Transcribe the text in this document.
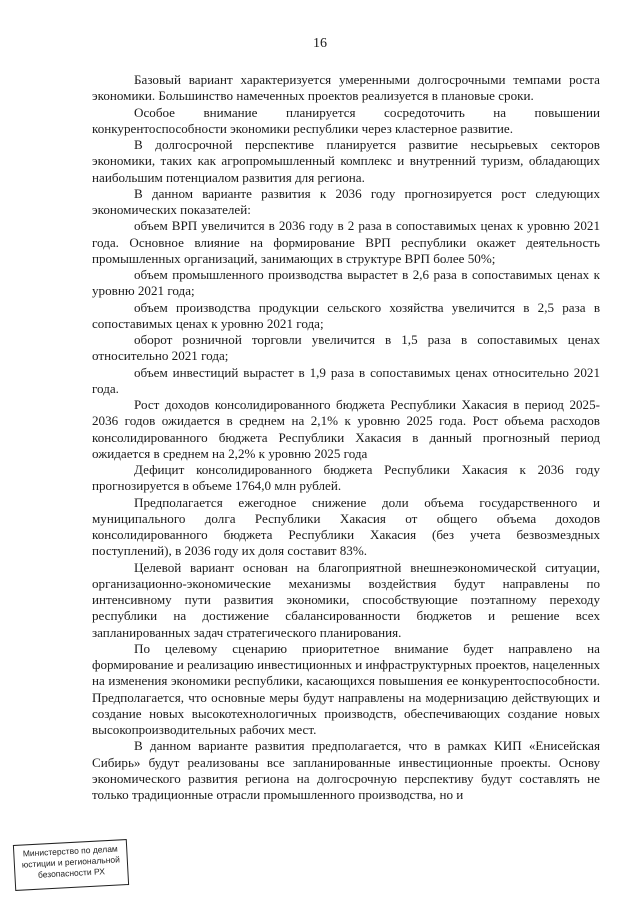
16

Базовый вариант характеризуется умеренными долгосрочными темпами роста экономики. Большинство намеченных проектов реализуется в плановые сроки.

Особое внимание планируется сосредоточить на повышении конкурентоспособности экономики республики через кластерное развитие.

В долгосрочной перспективе планируется развитие несырьевых секторов экономики, таких как агропромышленный комплекс и внутренний туризм, обладающих наибольшим потенциалом развития для региона.

В данном варианте развития к 2036 году прогнозируется рост следующих экономических показателей:

объем ВРП увеличится в 2036 году в 2 раза в сопоставимых ценах к уровню 2021 года. Основное влияние на формирование ВРП республики окажет деятельность промышленных организаций, занимающих в структуре ВРП более 50%;

объем промышленного производства вырастет в 2,6 раза в сопоставимых ценах к уровню 2021 года;

объем производства продукции сельского хозяйства увеличится в 2,5 раза в сопоставимых ценах к уровню 2021 года;

оборот розничной торговли увеличится в 1,5 раза в сопоставимых ценах относительно 2021 года;

объем инвестиций вырастет в 1,9 раза в сопоставимых ценах относительно 2021 года.

Рост доходов консолидированного бюджета Республики Хакасия в период 2025-2036 годов ожидается в среднем на 2,1% к уровню 2025 года. Рост объема расходов консолидированного бюджета Республики Хакасия в данный прогнозный период ожидается в среднем на 2,2% к уровню 2025 года

Дефицит консолидированного бюджета Республики Хакасия к 2036 году прогнозируется в объеме 1764,0 млн рублей.

Предполагается ежегодное снижение доли объема государственного и муниципального долга Республики Хакасия от общего объема доходов консолидированного бюджета Республики Хакасия (без учета безвозмездных поступлений), в 2036 году их доля составит 83%.

Целевой вариант основан на благоприятной внешнеэкономической ситуации, организационно-экономические механизмы воздействия будут направлены по интенсивному пути развития экономики, способствующие поэтапному переходу республики на достижение сбалансированности бюджетов и решение всех запланированных задач стратегического планирования.

По целевому сценарию приоритетное внимание будет направлено на формирование и реализацию инвестиционных и инфраструктурных проектов, нацеленных на изменения экономики республики, касающихся повышения ее конкурентоспособности. Предполагается, что основные меры будут направлены на модернизацию действующих и создание новых высокотехнологичных производств, обеспечивающих создание новых высокопроизводительных рабочих мест.

В данном варианте развития предполагается, что в рамках КИП «Енисейская Сибирь» будут реализованы все запланированные инвестиционные проекты. Основу экономического развития региона на долгосрочную перспективу будут составлять не только традиционные отрасли промышленного производства, но и

Министерство по делам
юстиции и региональной
безопасности РХ
